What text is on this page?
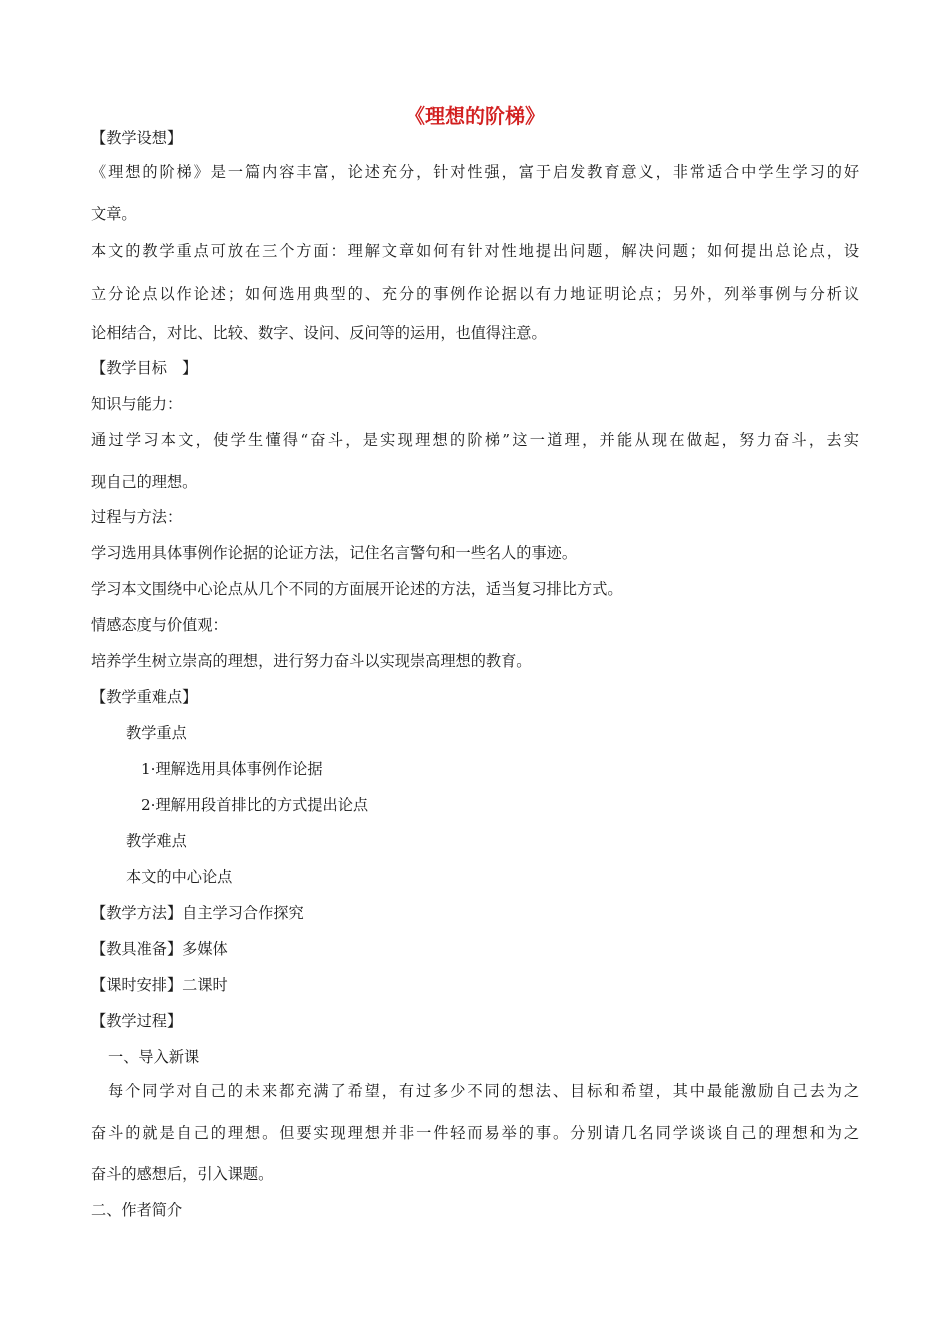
《理想的阶梯》
【教学设想】
《理想的阶梯》是一篇内容丰富，论述充分，针对性强，富于启发教育意义，非常适合中学生学习的好
文章。
本文的教学重点可放在三个方面：理解文章如何有针对性地提出问题，解决问题；如何提出总论点，设
立分论点以作论述；如何选用典型的、充分的事例作论据以有力地证明论点；另外，列举事例与分析议
论相结合，对比、比较、数字、设问、反问等的运用，也值得注意。
【教学目标　】
知识与能力：
通过学习本文，使学生懂得“奋斗，是实现理想的阶梯”这一道理，并能从现在做起，努力奋斗，去实
现自己的理想。
过程与方法：
学习选用具体事例作论据的论证方法，记住名言警句和一些名人的事迹。
学习本文围绕中心论点从几个不同的方面展开论述的方法，适当复习排比方式。
情感态度与价值观：
培养学生树立崇高的理想，进行努力奋斗以实现崇高理想的教育。
【教学重难点】
教学重点
1·理解选用具体事例作论据
2·理解用段首排比的方式提出论点
教学难点
本文的中心论点
【教学方法】自主学习合作探究
【教具准备】多媒体
【课时安排】二课时
【教学过程】
一、导入新课
每个同学对自己的未来都充满了希望，有过多少不同的想法、目标和希望，其中最能激励自己去为之
奋斗的就是自己的理想。但要实现理想并非一件轻而易举的事。分别请几名同学谈谈自己的理想和为之
奋斗的感想后，引入课题。
二、作者简介
